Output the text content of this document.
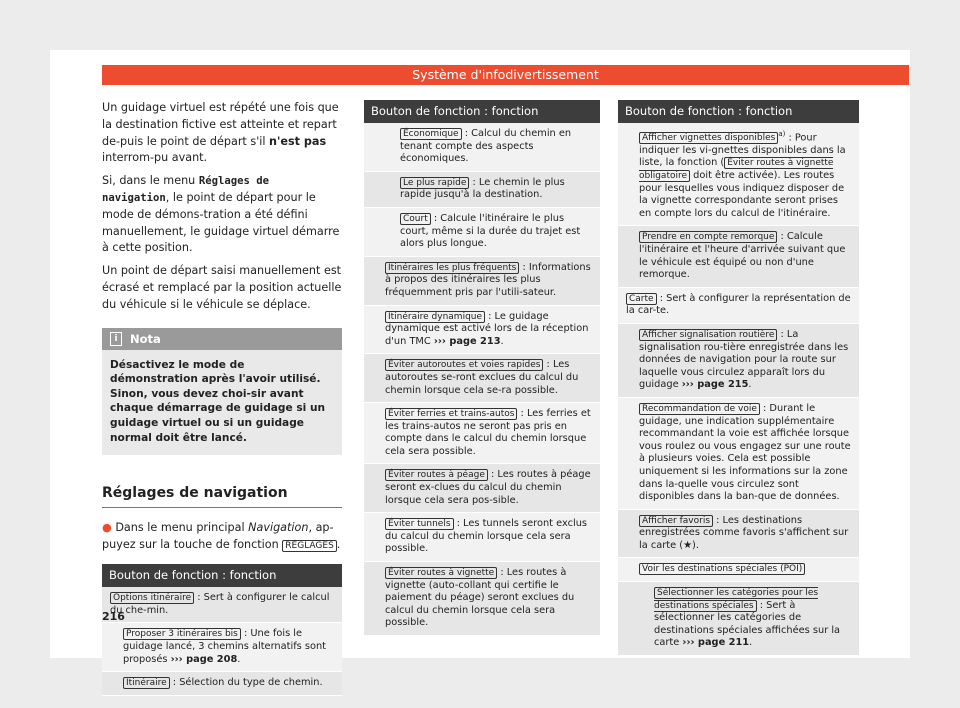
Système d'infodivertissement

Un guidage virtuel est répété une fois que la destination fictive est atteinte et repart de-puis le point de départ s'il n'est pas interrom-pu avant.

Si, dans le menu Réglages de navigation, le point de départ pour le mode de démons-tration a été défini manuellement, le guidage virtuel démarre à cette position.

Un point de départ saisi manuellement est écrasé et remplacé par la position actuelle du véhicule si le véhicule se déplace.

i Nota
Désactivez le mode de démonstration après l'avoir utilisé. Sinon, vous devez choi-sir avant chaque démarrage de guidage si un guidage virtuel ou si un guidage normal doit être lancé.
Réglages de navigation
● Dans le menu principal Navigation, ap-puyez sur la touche de fonction RÉGLAGES .
Bouton de fonction : fonction
Options itinéraire : Sert à configurer le calcul du che-min.
Proposer 3 itinéraires bis : Une fois le guidage lancé, 3 chemins alternatifs sont proposés ››› page 208.
Itinéraire : Sélection du type de chemin.
Bouton de fonction : fonction
Économique : Calcul du chemin en tenant compte des aspects économiques.
Le plus rapide : Le chemin le plus rapide jusqu'à la destination.
Court : Calcule l'itinéraire le plus court, même si la durée du trajet est alors plus longue.
Itinéraires les plus fréquents : Informations à propos des itinéraires les plus fréquemment pris par l'utili-sateur.
Itinéraire dynamique : Le guidage dynamique est activé lors de la réception d'un TMC ››› page 213.
Éviter autoroutes et voies rapides : Les autoroutes se-ront exclues du calcul du chemin lorsque cela se-ra possible.
Éviter ferries et trains-autos : Les ferries et les trains-autos ne seront pas pris en compte dans le calcul du chemin lorsque cela sera possible.
Éviter routes à péage : Les routes à péage seront ex-clues du calcul du chemin lorsque cela sera pos-sible.
Éviter tunnels : Les tunnels seront exclus du calcul du chemin lorsque cela sera possible.
Éviter routes à vignette : Les routes à vignette (auto-collant qui certifie le paiement du péage) seront exclues du calcul du chemin lorsque cela sera possible.
Bouton de fonction : fonction
Afficher vignettes disponibles $^{a)}$ : Pour indiquer les vi-gnettes disponibles dans la liste, la fonction ( Éviter routes à vignette obligatoire doit être activée). Les routes pour lesquelles vous indiquez disposer de la vignette correspondante seront prises en compte lors du calcul de l'itinéraire.
Prendre en compte remorque : Calcule l'itinéraire et l'heure d'arrivée suivant que le véhicule est équipé ou non d'une remorque.
Carte : Sert à configurer la représentation de la car-te.
Afficher signalisation routière : La signalisation rou-tière enregistrée dans les données de navigation pour la route sur laquelle vous circulez apparaît lors du guidage ››› page 215.
Recommandation de voie : Durant le guidage, une indication supplémentaire recommandant la voie est affichée lorsque vous roulez ou vous engagez sur une route à plusieurs voies. Cela est possible uniquement si les informations sur la zone dans la-quelle vous circulez sont disponibles dans la ban-que de données.
Afficher favoris : Les destinations enregistrées comme favoris s'affichent sur la carte (★).
Voir les destinations spéciales (POI)
Sélectionner les catégories pour les destinations spéciales : Sert à sélectionner les catégories de destinations spéciales affichées sur la carte ››› page 211.
216
